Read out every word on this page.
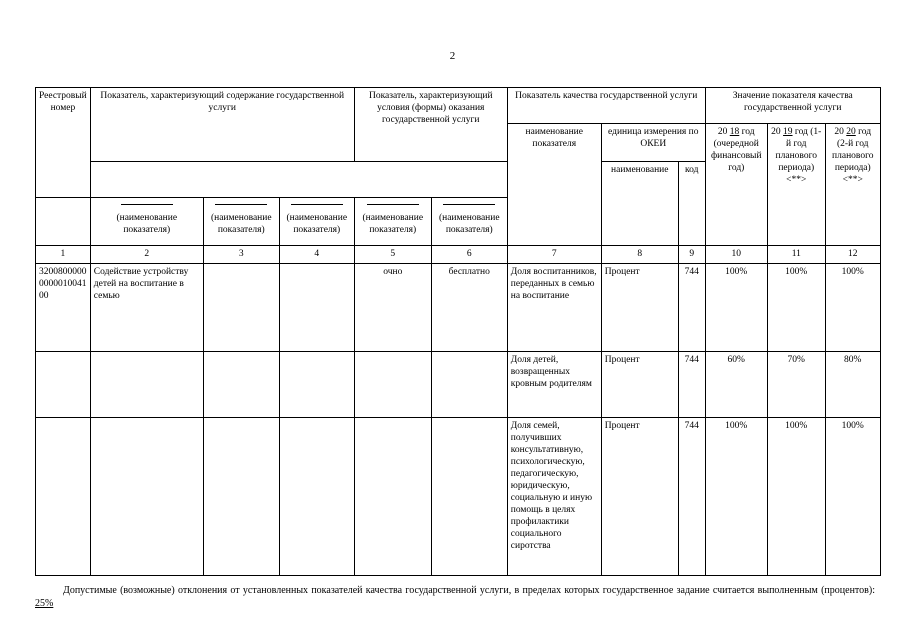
2
Реестровый номер	Показатель, характеризующий содержание государственной услуги			Показатель, характеризующий условия (формы) оказания государственной услуги		Показатель качества государственной услуги			Значение показателя качества государственной услуги		
						наименование показателя	единица измерения по ОКЕИ		20 18 год (очередной финансовый год)	20 19 год (1-й год планового периода) <**>	20 20 год (2-й год планового периода) <**>
							наименование	код			

(наименование показателя)	(наименование показателя)	(наименование показателя)	(наименование показателя)	(наименование показателя)						
1	2	3	4	5	6	7	8	9	10	11	12
3200800000000001004100	Содействие устройству детей на воспитание в семью			очно	бесплатно	Доля воспитанников, переданных в семью на воспитание	Процент	744	100%	100%	100%
						Доля детей, возвращенных кровным родителям	Процент	744	60%	70%	80%
						Доля семей, получивших консультативную, психологическую, педагогическую, юридическую, социальную и иную помощь в целях профилактики социального сиротства	Процент	744	100%	100%	100%
Допустимые (возможные) отклонения от установленных показателей качества государственной услуги, в пределах которых государственное задание считается выполненным (процентов): 25%
